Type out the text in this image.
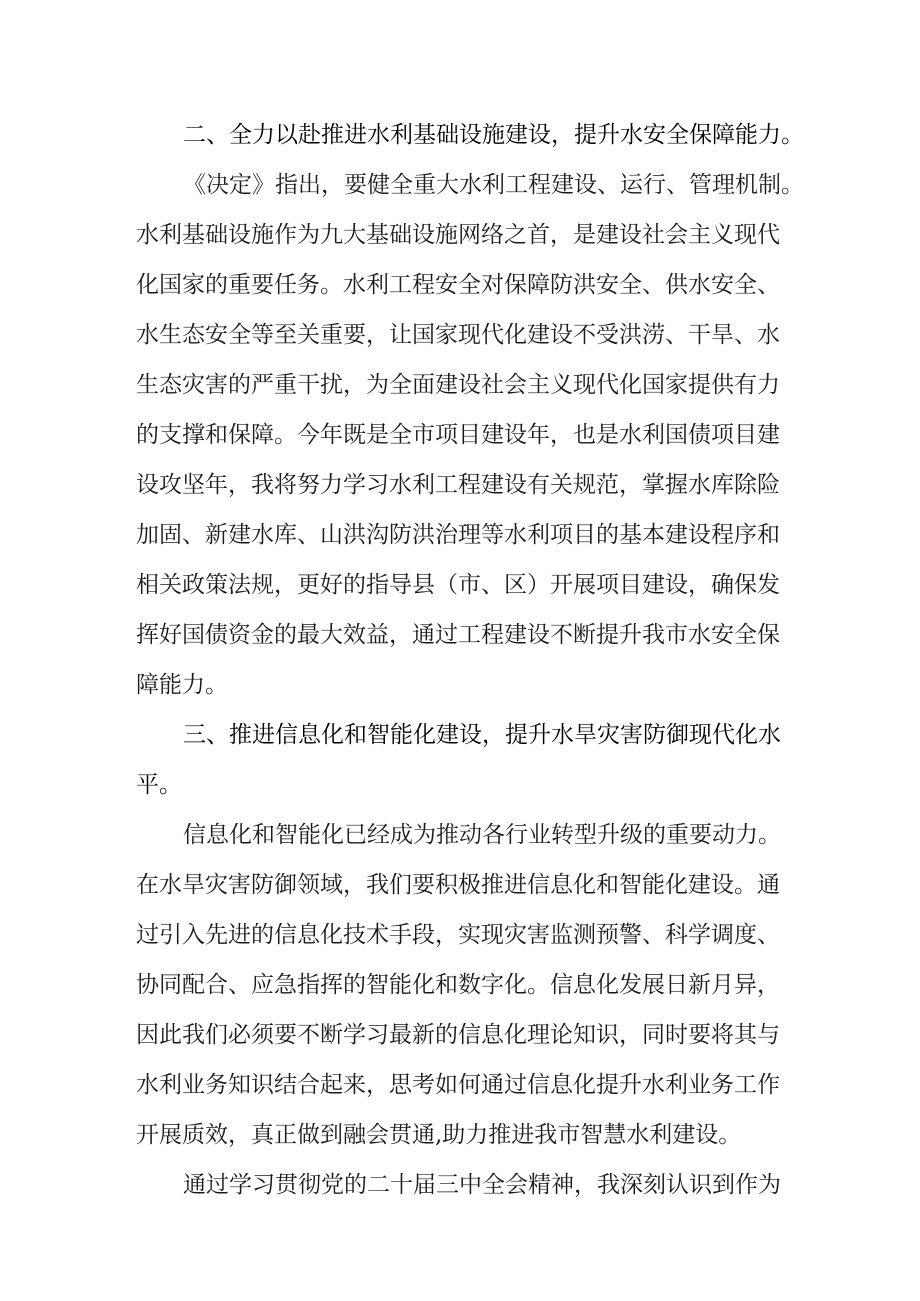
二、全力以赴推进水利基础设施建设，提升水安全保障能力。
《决定》指出，要健全重大水利工程建设、运行、管理机制。
水利基础设施作为九大基础设施网络之首，是建设社会主义现代
化国家的重要任务。水利工程安全对保障防洪安全、供水安全、
水生态安全等至关重要，让国家现代化建设不受洪涝、干旱、水
生态灾害的严重干扰，为全面建设社会主义现代化国家提供有力
的支撑和保障。今年既是全市项目建设年，也是水利国债项目建
设攻坚年，我将努力学习水利工程建设有关规范，掌握水库除险
加固、新建水库、山洪沟防洪治理等水利项目的基本建设程序和
相关政策法规，更好的指导县（市、区）开展项目建设，确保发
挥好国债资金的最大效益，通过工程建设不断提升我市水安全保
障能力。
三、推进信息化和智能化建设，提升水旱灾害防御现代化水
平。
信息化和智能化已经成为推动各行业转型升级的重要动力。
在水旱灾害防御领域，我们要积极推进信息化和智能化建设。通
过引入先进的信息化技术手段，实现灾害监测预警、科学调度、
协同配合、应急指挥的智能化和数字化。信息化发展日新月异，
因此我们必须要不断学习最新的信息化理论知识，同时要将其与
水利业务知识结合起来，思考如何通过信息化提升水利业务工作
开展质效，真正做到融会贯通,助力推进我市智慧水利建设。
通过学习贯彻党的二十届三中全会精神，我深刻认识到作为
